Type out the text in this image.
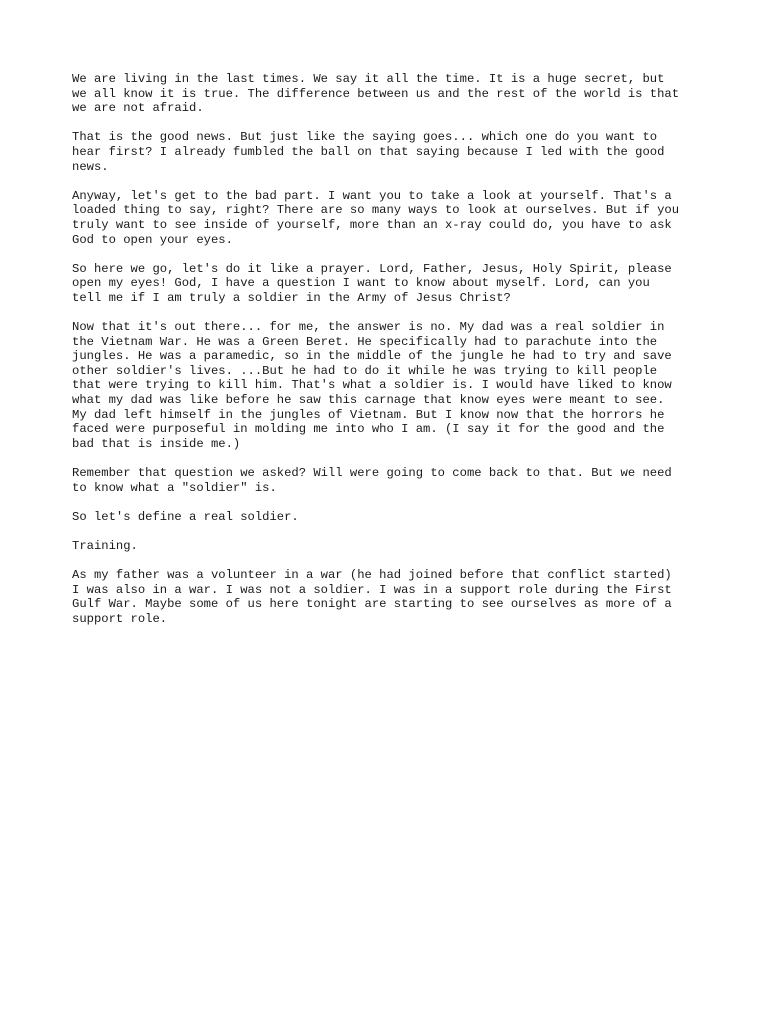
We are living in the last times. We say it all the time. It is a huge secret, but
we all know it is true. The difference between us and the rest of the world is that
we are not afraid.

That is the good news. But just like the saying goes... which one do you want to
hear first? I already fumbled the ball on that saying because I led with the good
news.

Anyway, let's get to the bad part. I want you to take a look at yourself. That's a
loaded thing to say, right? There are so many ways to look at ourselves. But if you
truly want to see inside of yourself, more than an x-ray could do, you have to ask
God to open your eyes.

So here we go, let's do it like a prayer. Lord, Father, Jesus, Holy Spirit, please
open my eyes! God, I have a question I want to know about myself. Lord, can you
tell me if I am truly a soldier in the Army of Jesus Christ?

Now that it's out there... for me, the answer is no. My dad was a real soldier in
the Vietnam War. He was a Green Beret. He specifically had to parachute into the
jungles. He was a paramedic, so in the middle of the jungle he had to try and save
other soldier's lives. ...But he had to do it while he was trying to kill people
that were trying to kill him. That's what a soldier is. I would have liked to know
what my dad was like before he saw this carnage that know eyes were meant to see.
My dad left himself in the jungles of Vietnam. But I know now that the horrors he
faced were purposeful in molding me into who I am. (I say it for the good and the
bad that is inside me.)

Remember that question we asked? Will were going to come back to that. But we need
to know what a "soldier" is.

So let's define a real soldier.

Training.

As my father was a volunteer in a war (he had joined before that conflict started)
I was also in a war. I was not a soldier. I was in a support role during the First
Gulf War. Maybe some of us here tonight are starting to see ourselves as more of a
support role.
